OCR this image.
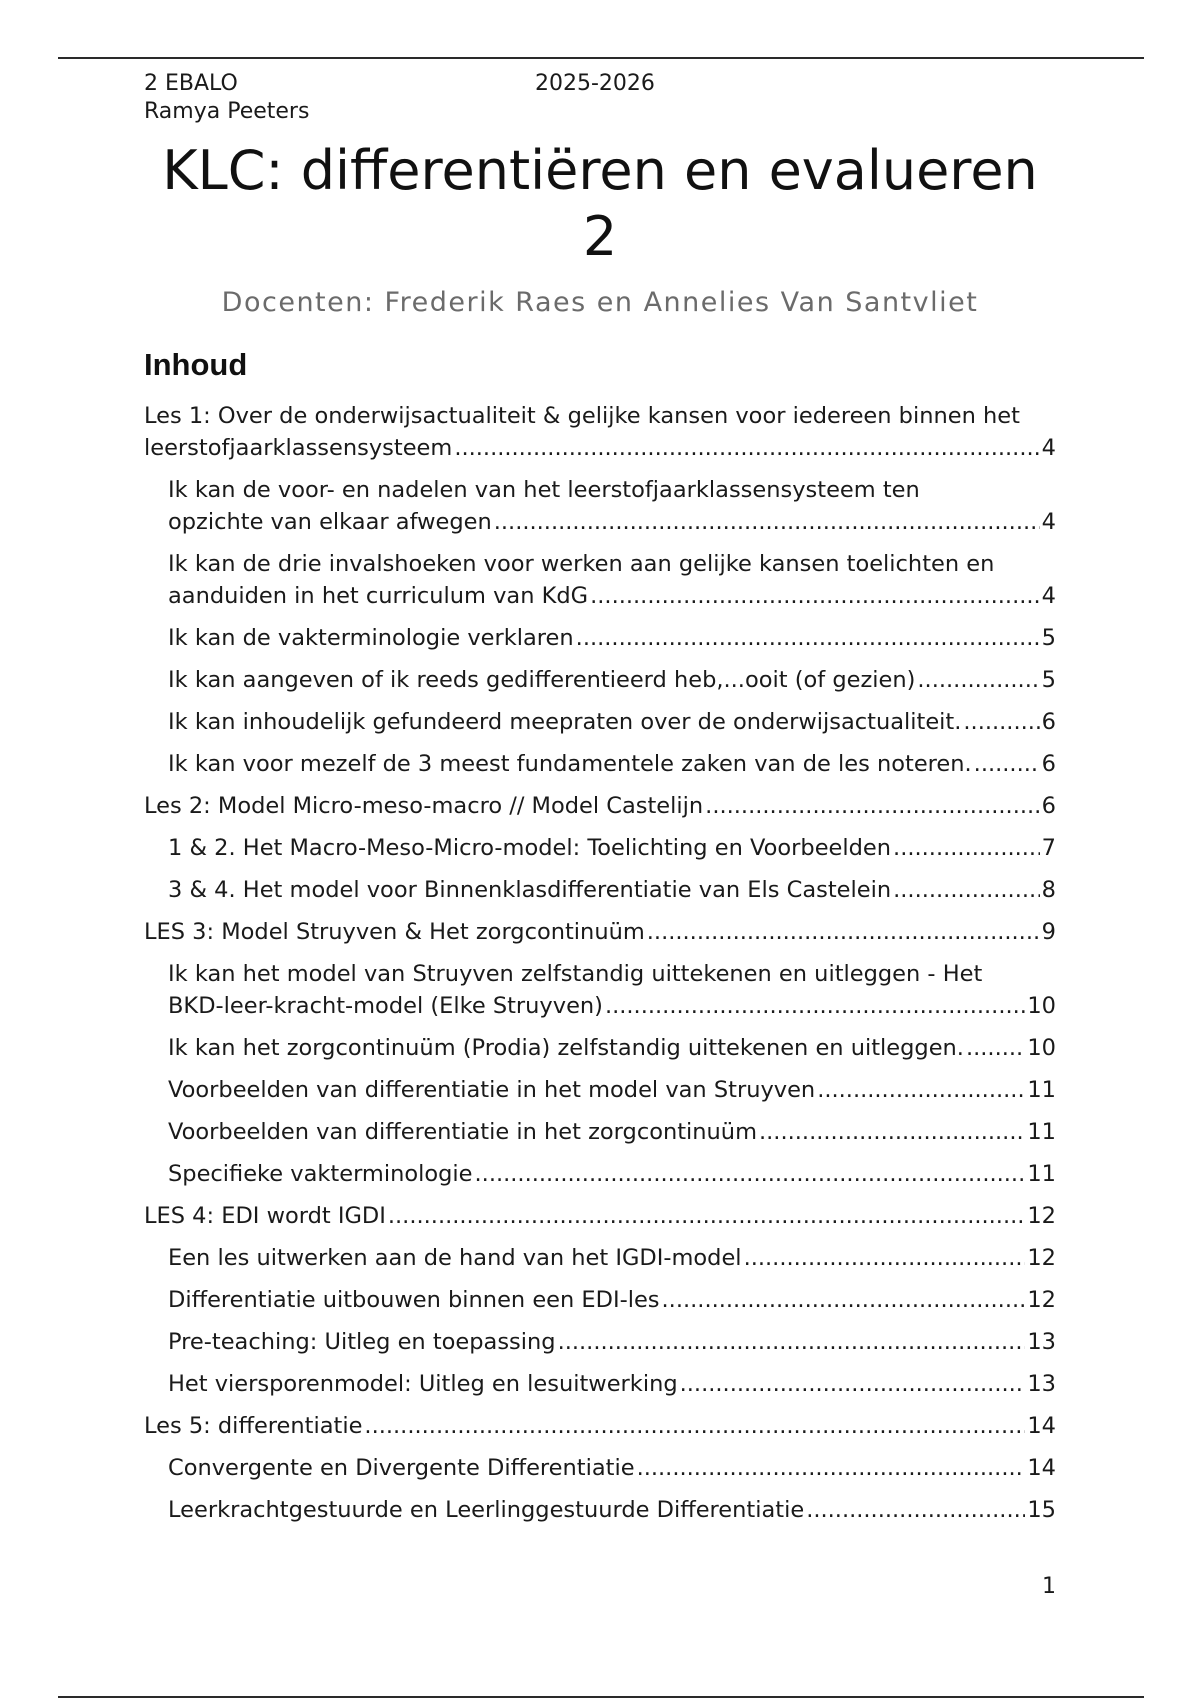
2 EBALO	2025-2026
Ramya Peeters
KLC: differentiëren en evalueren 2
Docenten: Frederik Raes en Annelies Van Santvliet
Inhoud
Les 1: Over de onderwijsactualiteit & gelijke kansen voor iedereen binnen het leerstofjaarklassensysteem .....	4
Ik kan de voor- en nadelen van het leerstofjaarklassensysteem ten opzichte van elkaar afwegen .....	4
Ik kan de drie invalshoeken voor werken aan gelijke kansen toelichten en aanduiden in het curriculum van KdG .....	4
Ik kan de vakterminologie verklaren .....	5
Ik kan aangeven of ik reeds gedifferentieerd heb,...ooit (of gezien) .....	5
Ik kan inhoudelijk gefundeerd meepraten over de onderwijsactualiteit. .....	6
Ik kan voor mezelf de 3 meest fundamentele zaken van de les noteren. .....	6
Les 2: Model Micro-meso-macro // Model Castelijn .....	6
1 & 2. Het Macro-Meso-Micro-model: Toelichting en Voorbeelden .....	7
3 & 4. Het model voor Binnenklasdifferentiatie van Els Castelein .....	8
LES 3: Model Struyven & Het zorgcontinuüm .....	9
Ik kan het model van Struyven zelfstandig uittekenen en uitleggen - Het BKD-leer-kracht-model (Elke Struyven) .....	10
Ik kan het zorgcontinuüm (Prodia) zelfstandig uittekenen en uitleggen. .....	10
Voorbeelden van differentiatie in het model van Struyven .....	11
Voorbeelden van differentiatie in het zorgcontinuüm .....	11
Specifieke vakterminologie .....	11
LES 4: EDI wordt IGDI .....	12
Een les uitwerken aan de hand van het IGDI-model .....	12
Differentiatie uitbouwen binnen een EDI-les .....	12
Pre-teaching: Uitleg en toepassing .....	13
Het viersporenmodel: Uitleg en lesuitwerking .....	13
Les 5: differentiatie .....	14
Convergente en Divergente Differentiatie .....	14
Leerkrachtgestuurde en Leerlinggestuurde Differentiatie .....	15
1
